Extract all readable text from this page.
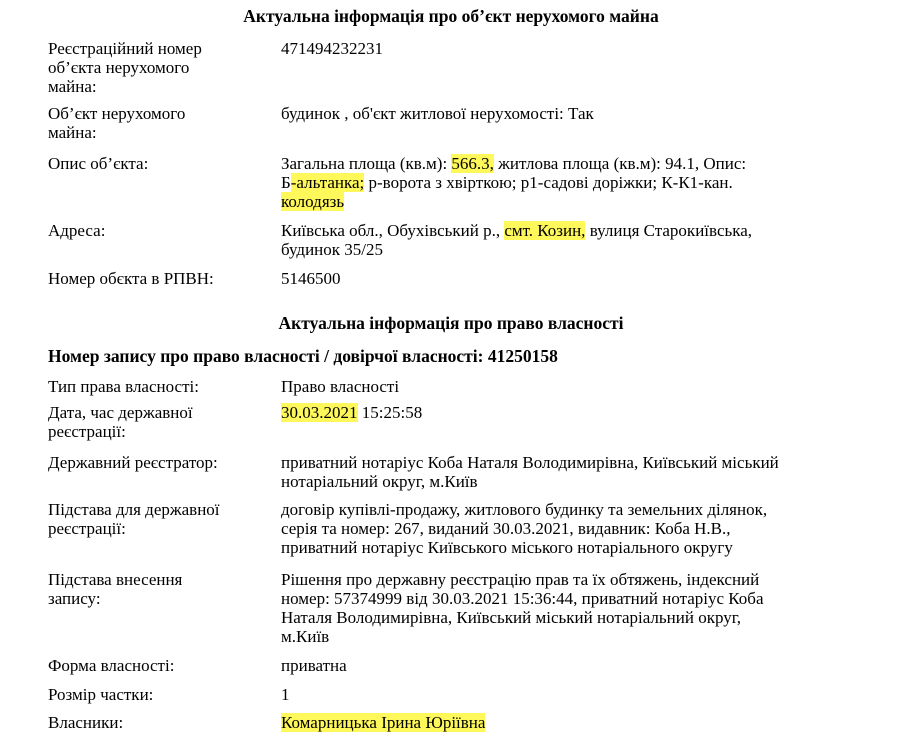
Актуальна інформація про об’єкт нерухомого майна
Реєстраційний номер
об’єкта нерухомого
майна:
471494232231
Об’єкт нерухомого
майна:
будинок , об'єкт житлової нерухомості: Так
Опис об’єкта:	Загальна площа (кв.м): 566.3, житлова площа (кв.м): 94.1, Опис:
Б-альтанка; р-ворота з хвірткою; р1-садові доріжки; К-К1-кан.
колодязь
Адреса:	Київська обл., Обухівський р., смт. Козин, вулиця Старокиївська,
будинок 35/25
Номер обєкта в РПВН:	5146500
Актуальна інформація про право власності
Номер запису про право власності / довірчої власності: 41250158
Тип права власності:	Право власності
Дата, час державної
реєстрації:
30.03.2021 15:25:58
Державний реєстратор:	приватний нотаріус Коба Наталя Володимирівна, Київський міський
нотаріальний округ, м.Київ
Підстава для державної
реєстрації:
договір купівлі-продажу, житлового будинку та земельних ділянок,
серія та номер: 267, виданий 30.03.2021, видавник: Коба Н.В.,
приватний нотаріус Київського міського нотаріального округу
Підстава внесення
запису:
Рішення про державну реєстрацію прав та їх обтяжень, індексний
номер: 57374999 від 30.03.2021 15:36:44, приватний нотаріус Коба
Наталя Володимирівна, Київський міський нотаріальний округ,
м.Київ
Форма власності:	приватна
Розмір частки:	1
Власники:	Комарницька Ірина Юріївна
